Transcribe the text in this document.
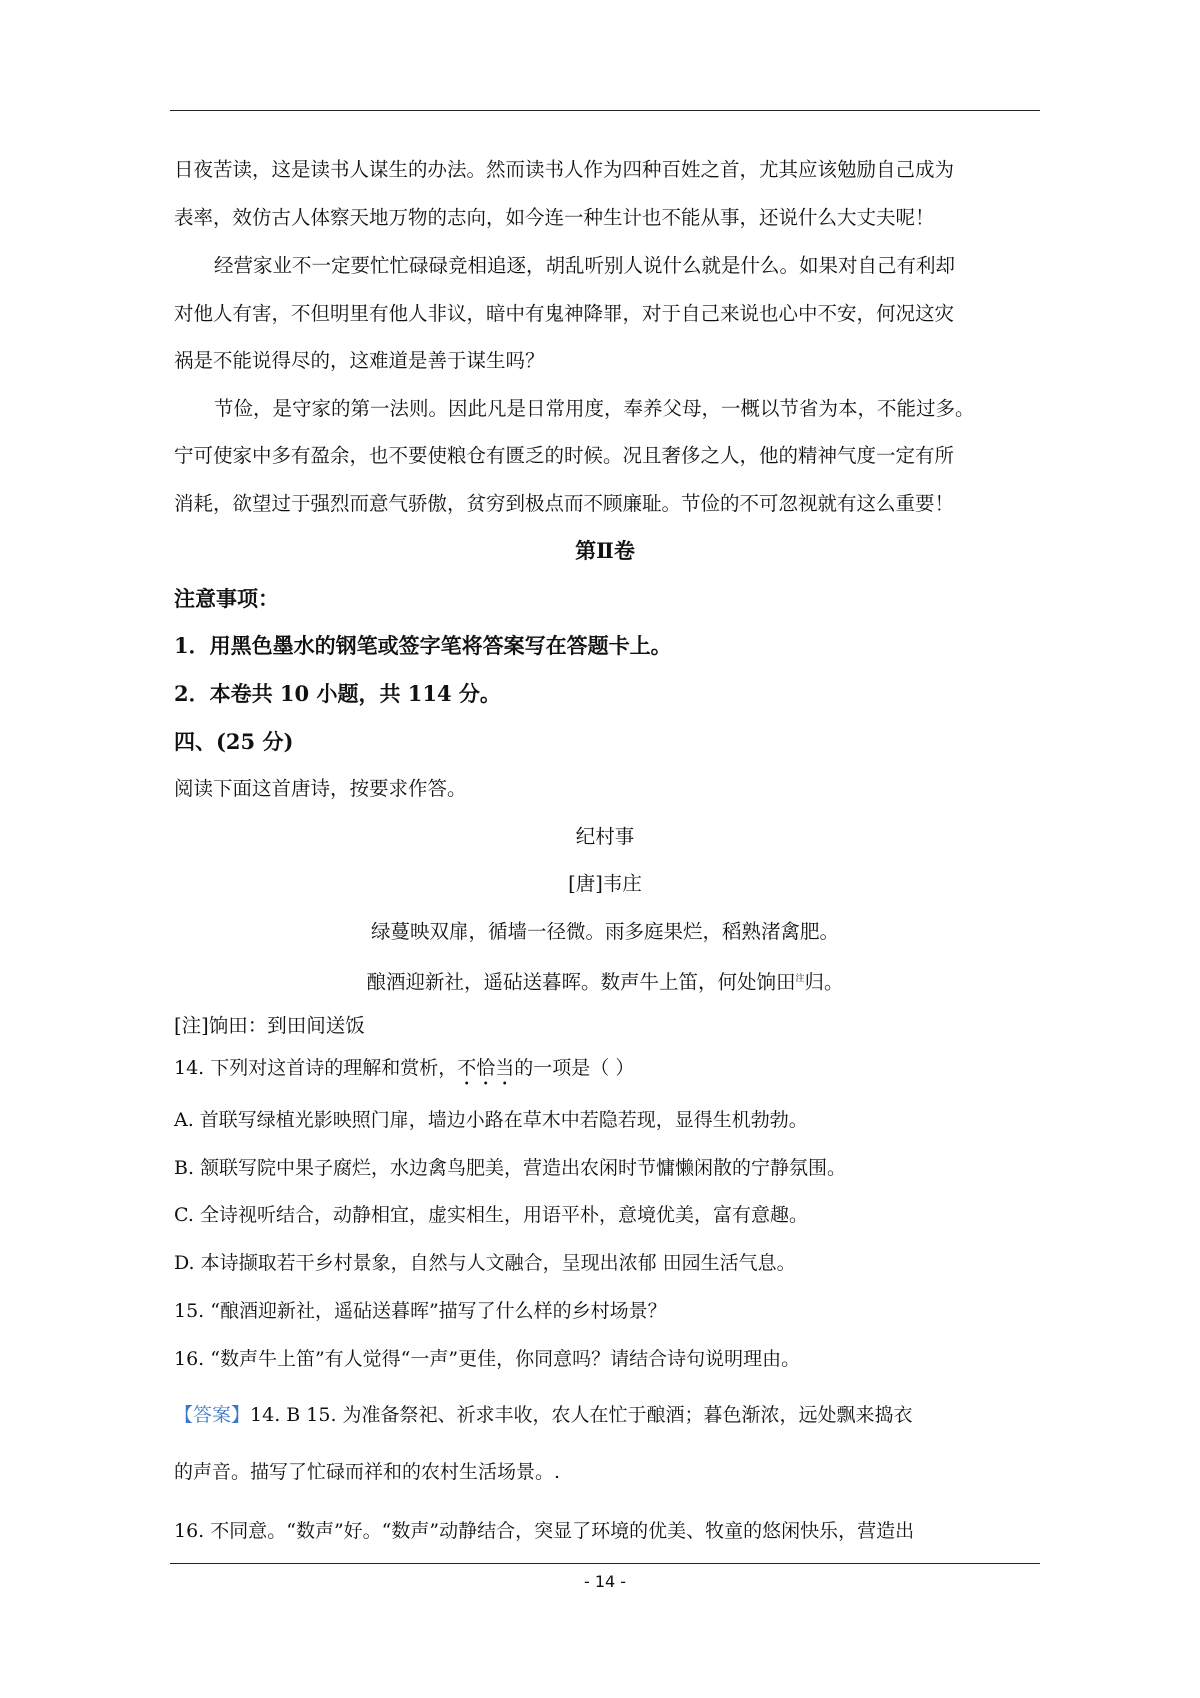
日夜苦读，这是读书人谋生的办法。然而读书人作为四种百姓之首，尤其应该勉励自己成为
表率，效仿古人体察天地万物的志向，如今连一种生计也不能从事，还说什么大丈夫呢！
经营家业不一定要忙忙碌碌竞相追逐，胡乱听别人说什么就是什么。如果对自己有利却
对他人有害，不但明里有他人非议，暗中有鬼神降罪，对于自己来说也心中不安，何况这灾
祸是不能说得尽的，这难道是善于谋生吗？
节俭，是守家的第一法则。因此凡是日常用度，奉养父母，一概以节省为本，不能过多。
宁可使家中多有盈余，也不要使粮仓有匮乏的时候。况且奢侈之人，他的精神气度一定有所
消耗，欲望过于强烈而意气骄傲，贫穷到极点而不顾廉耻。节俭的不可忽视就有这么重要！
第Ⅱ卷
注意事项：
1．用黑色墨水的钢笔或签字笔将答案写在答题卡上。
2．本卷共 10 小题，共 114 分。
四、(25 分)
阅读下面这首唐诗，按要求作答。
纪村事
[唐]韦庄
绿蔓映双扉，循墙一径微。雨多庭果烂，稻熟渚禽肥。
酿酒迎新社，遥砧送暮晖。数声牛上笛，何处饷田$^注$归。
[注]饷田：到田间送饭
14. 下列对这首诗的理解和赏析，不恰当的一项是（ ）
A. 首联写绿植光影映照门扉，墙边小路在草木中若隐若现，显得生机勃勃。
B. 颔联写院中果子腐烂，水边禽鸟肥美，营造出农闲时节慵懒闲散的宁静氛围。
C. 全诗视听结合，动静相宜，虚实相生，用语平朴，意境优美，富有意趣。
D. 本诗撷取若干乡村景象，自然与人文融合，呈现出浓郁 田园生活气息。
15. “酿酒迎新社，遥砧送暮晖”描写了什么样的乡村场景？
16. “数声牛上笛”有人觉得“一声”更佳，你同意吗？请结合诗句说明理由。
【答案】14. B 15. 为准备祭祀、祈求丰收，农人在忙于酿酒；暮色渐浓，远处飘来捣衣
的声音。描写了忙碌而祥和的农村生活场景。.
16. 不同意。“数声”好。“数声”动静结合，突显了环境的优美、牧童的悠闲快乐，营造出
- 14 -
